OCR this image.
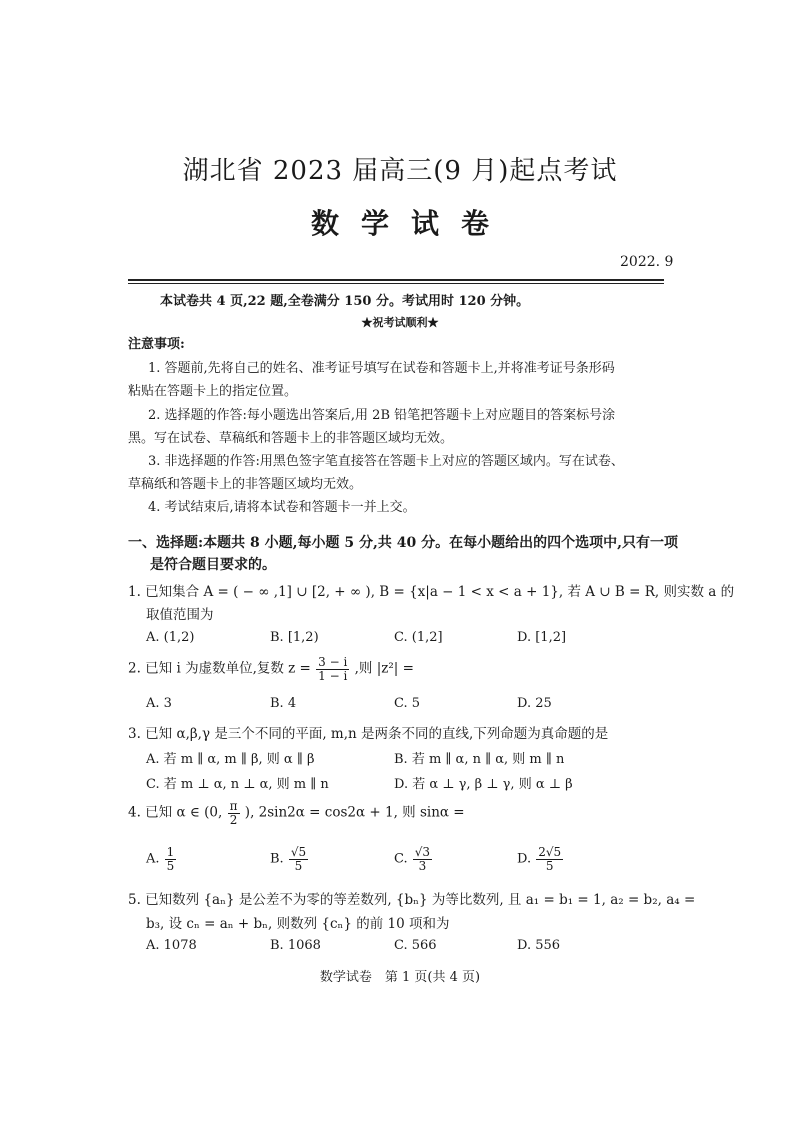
湖北省 2023 届高三(9 月)起点考试
数学试卷
2022. 9
本试卷共 4 页,22 题,全卷满分 150 分。考试用时 120 分钟。
★祝考试顺利★
注意事项:
1. 答题前,先将自己的姓名、准考证号填写在试卷和答题卡上,并将准考证号条形码
粘贴在答题卡上的指定位置。
2. 选择题的作答:每小题选出答案后,用 2B 铅笔把答题卡上对应题目的答案标号涂
黑。写在试卷、草稿纸和答题卡上的非答题区域均无效。
3. 非选择题的作答:用黑色签字笔直接答在答题卡上对应的答题区域内。写在试卷、
草稿纸和答题卡上的非答题区域均无效。
4. 考试结束后,请将本试卷和答题卡一并上交。
一、选择题:本题共 8 小题,每小题 5 分,共 40 分。在每小题给出的四个选项中,只有一项
是符合题目要求的。
1. 已知集合 A = ( − ∞ ,1] ∪ [2, + ∞ ), B = {x|a − 1 < x < a + 1}, 若 A ∪ B = R, 则实数 a 的
取值范围为
A. (1,2)	B. [1,2)	C. (1,2]	D. [1,2]
2. 已知 i 为虚数单位,复数 $z = \frac{3 - i}{1 - i}$ ,则 |z²| =
A. 3	B. 4	C. 5	D. 25
3. 已知 α,β,γ 是三个不同的平面, m,n 是两条不同的直线,下列命题为真命题的是
A. 若 m ∥ α, m ∥ β, 则 α ∥ β	B. 若 m ∥ α, n ∥ α, 则 m ∥ n
C. 若 m ⊥ α, n ⊥ α, 则 m ∥ n	D. 若 α ⊥ γ, β ⊥ γ, 则 α ⊥ β
4. 已知 α ∈ (0, $\frac{\pi}{2}$ ), 2sin2α = cos2α + 1, 则 sinα =
A. $\frac{1}{5}$	B. $\frac{√5}{5}$	C. $\frac{√3}{3}$	D. $\frac{2√5}{5}$
5. 已知数列 {aₙ} 是公差不为零的等差数列, {bₙ} 为等比数列, 且 a₁ = b₁ = 1, a₂ = b₂, a₄ =
b₃, 设 cₙ = aₙ + bₙ, 则数列 {cₙ} 的前 10 项和为
A. 1078	B. 1068	C. 566	D. 556
数学试卷　第 1 页(共 4 页)
